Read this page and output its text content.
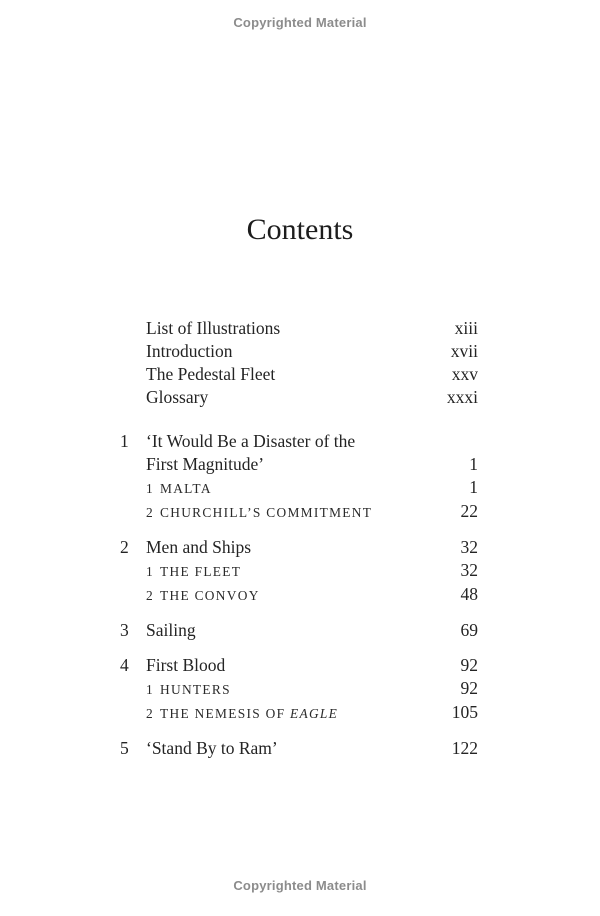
Copyrighted Material
Contents
List of Illustrations	xiii
Introduction	xvii
The Pedestal Fleet	xxv
Glossary	xxxi
1 ‘It Would Be a Disaster of the
First Magnitude’	1
1 MALTA	1
2 CHURCHILL’S COMMITMENT	22
2 Men and Ships	32
1 THE FLEET	32
2 THE CONVOY	48
3 Sailing	69
4 First Blood	92
1 HUNTERS	92
2 THE NEMESIS OF EAGLE	105
5 ‘Stand By to Ram’	122
Copyrighted Material
